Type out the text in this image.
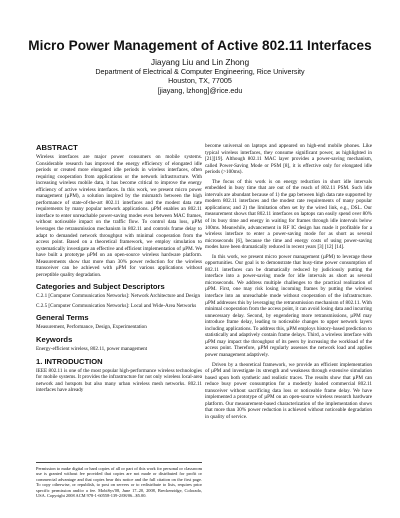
Micro Power Management of Active 802.11 Interfaces
Jiayang Liu and Lin Zhong
Department of Electrical & Computer Engineering, Rice University
Houston, TX, 77005
[jiayang, lzhong]@rice.edu
ABSTRACT

Wireless interfaces are major power consumers on mobile systems. Considerable research has improved the energy efficiency of elongated idle periods or created more elongated idle periods in wireless interfaces, often requiring cooperation from applications or the network infrastructure. With increasing wireless mobile data, it has become critical to improve the energy efficiency of active wireless interfaces. In this work, we present micro power management (µPM), a solution inspired by the mismatch between the high performance of state-of-the-art 802.11 interfaces and the modest data rate requirements by many popular network applications. µPM enables an 802.11 interface to enter unreachable power-saving modes even between MAC frames, without noticeable impact on the traffic flow. To control data loss, µPM leverages the retransmission mechanism in 802.11 and controls frame delay to adapt to demanded network throughput with minimal cooperation from the access point. Based on a theoretical framework, we employ simulation to systematically investigate an effective and efficient implementation of µPM. We have built a prototype µPM on an open-source wireless hardware platform. Measurements show that more than 30% power reduction for the wireless transceiver can be achieved with µPM for various applications without perceptible quality degradation.

Categories and Subject Descriptors

C.2.1 [Computer Communication Networks]: Network Architecture and Design

C.2.5 [Computer Communication Networks]: Local and Wide-Area Networks

General Terms

Measurement, Performance, Design, Experimentation

Keywords

Energy-efficient wireless, 802.11, power management

1. INTRODUCTION

IEEE 802.11 is one of the most popular high-performance wireless technologies for mobile systems. It provides the infrastructure for not only wireless local-area network and hotspots but also many urban wireless mesh networks. 802.11 interfaces have already

Permission to make digital or hard copies of all or part of this work for personal or classroom use is granted without fee provided that copies are not made or distributed for profit or commercial advantage and that copies bear this notice and the full citation on the first page. To copy otherwise, or republish, to post on servers or to redistribute to lists, requires prior specific permission and/or a fee. MobiSys'08, June 17–20, 2008, Breckenridge, Colorado, USA. Copyright 2008 ACM 978-1-60558-139-2/08/06...$5.00.

become universal on laptops and appeared on high-end mobile phones. Like typical wireless interfaces, they consume significant power, as highlighted in [21][19]. Although 802.11 MAC layer provides a power-saving mechanism, called Power-Saving Mode or PSM [8], it is effective only for elongated idle periods (>100ms).

The focus of this work is on energy reduction in short idle intervals embedded in busy time that are out of the reach of 802.11 PSM. Such idle intervals are abundant because of 1) the gap between high data rate supported by modern 802.11 interfaces and the modest rate requirements of many popular applications; and 2) the limitation often set by the wired link, e.g., DSL. Our measurement shows that 802.11 interfaces on laptops can easily spend over 80% of its busy time and energy in waiting for frames through idle intervals below 100ms. Meanwhile, advancement in RF IC design has made it profitable for a wireless interface to enter a power-saving mode for as short as several microseconds [6], because the time and energy costs of using power-saving modes have been dramatically reduced in recent years [3] [12] [14].

In this work, we present micro power management (µPM) to leverage these opportunities. Our goal is to demonstrate that busy-time power consumption of 802.11 interfaces can be dramatically reduced by judiciously putting the interface into a power-saving mode for idle intervals as short as several microseconds. We address multiple challenges to the practical realization of µPM. First, one may risk losing incoming frames by putting the wireless interface into an unreachable mode without cooperation of the infrastructure. µPM addresses this by leveraging the retransmission mechanism of 802.11. With minimal cooperation from the access point, it can avoid losing data and incurring unnecessary delay. Second, by engendering more retransmissions, µPM may introduce frame delay, leading to noticeable changes to upper network layers including applications. To address this, µPM employs history-based prediction to statistically and adaptively contain frame delays. Third, a wireless interface with µPM may impact the throughput of its peers by increasing the workload of the access point. Therefore, µPM regularly assesses the network load and applies power management adaptively.

Driven by a theoretical framework, we provide an efficient implementation of µPM and investigate its strength and weakness through extensive simulation based upon both synthetic and realistic traces. The results show that µPM can reduce busy power consumption for a modestly loaded commercial 802.11 transceiver without sacrificing data loss or noticeable frame delay. We have implemented a prototype of µPM on an open-source wireless research hardware platform. Our measurement-based characterization of the implementation shows that more than 30% power reduction is achieved without noticeable degradation in quality of service.
